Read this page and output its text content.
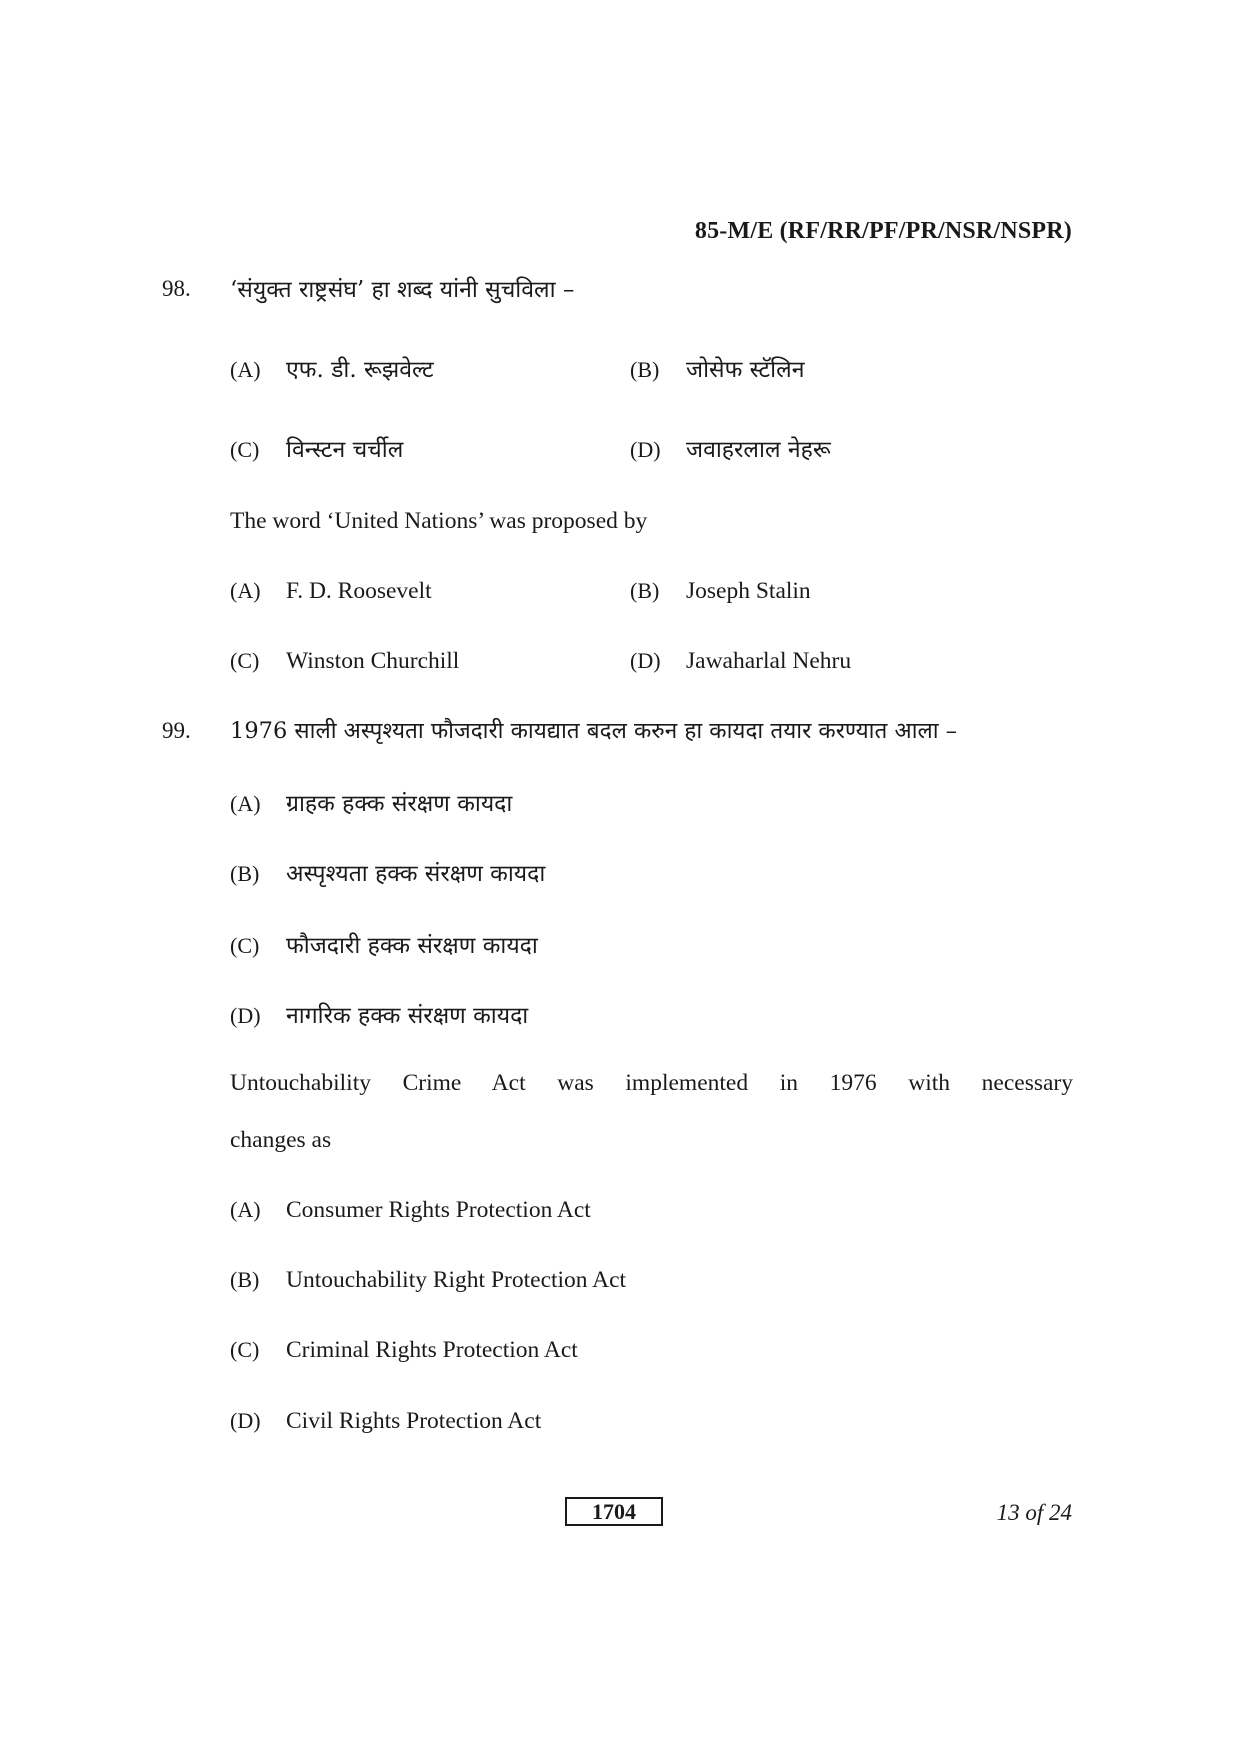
85-M/E (RF/RR/PF/PR/NSR/NSPR)
98. ‘संयुक्त राष्ट्रसंघ’ हा शब्द यांनी सुचविला –
(A) एफ. डी. रूझवेल्ट	(B) जोसेफ स्टॅलिन
(C) विन्स्टन चर्चील	(D) जवाहरलाल नेहरू
The word ‘United Nations’ was proposed by
(A) F. D. Roosevelt	(B) Joseph Stalin
(C) Winston Churchill	(D) Jawaharlal Nehru
99. 1976 साली अस्पृश्यता फौजदारी कायद्यात बदल करुन हा कायदा तयार करण्यात आला –
(A) ग्राहक हक्क संरक्षण कायदा
(B) अस्पृश्यता हक्क संरक्षण कायदा
(C) फौजदारी हक्क संरक्षण कायदा
(D) नागरिक हक्क संरक्षण कायदा
Untouchability Crime Act was implemented in 1976 with necessary
changes as
(A) Consumer Rights Protection Act
(B) Untouchability Right Protection Act
(C) Criminal Rights Protection Act
(D) Civil Rights Protection Act
1704	13 of 24
